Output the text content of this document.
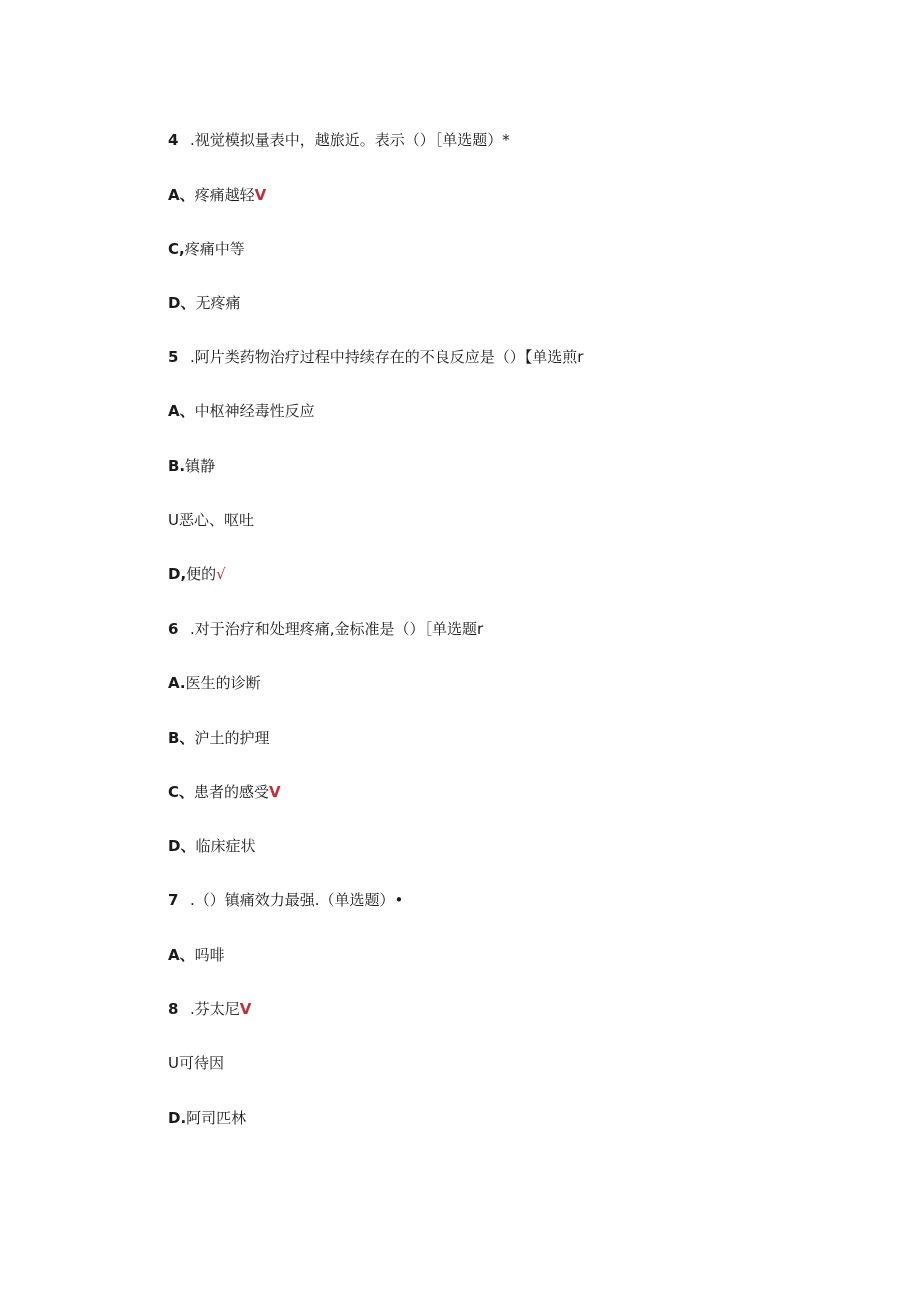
4 .视觉模拟量表中，越旅近。表示（）［单选题）*
A、疼痛越轻V
C,疼痛中等
D、无疼痛
5 .阿片类药物治疗过程中持续存在的不良反应是（）【单选煎r
A、中枢神经毒性反应
B.镇静
U恶心、呕吐
D,便的√
6 .对于治疗和处理疼痛,金标准是（）［单选题r
A.医生的诊断
B、沪土的护理
C、患者的感受V
D、临床症状
7 .（）镇痛效力最强.（单选题）•
A、吗啡
8 .芬太尼V
U可待因
D.阿司匹林
